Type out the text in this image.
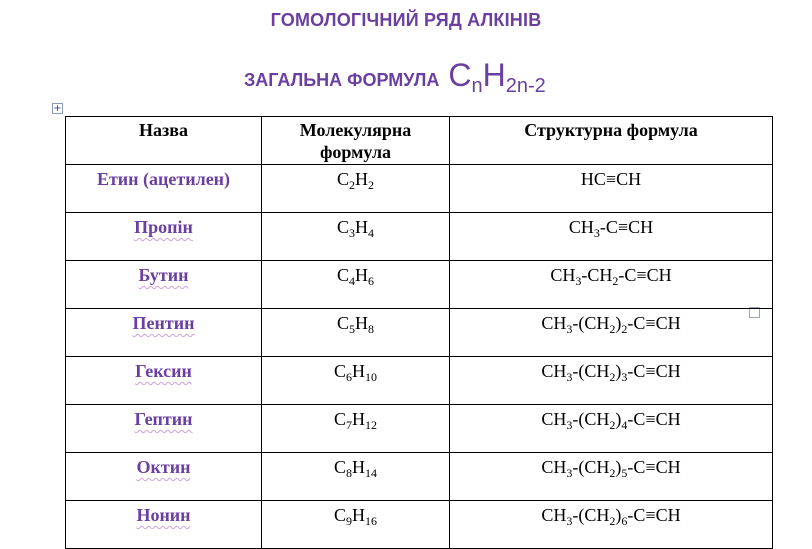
ГОМОЛОГІЧНИЙ РЯД АЛКІНІВ
ЗАГАЛЬНА ФОРМУЛА $C_nH_{2n-2}$
+
Назва	Молекулярна формула	Структурна формула

Етин (ацетилен)	$C_2H_2$	HC≡CH

Пропін	$C_3H_4$	$CH_3-C\equiv CH$

Бутин	$C_4H_6$	$CH_3-CH_2-C\equiv CH$

Пентин	$C_5H_8$	$CH_3-(CH_2)_2-C\equiv CH$

Гексин	$C_6H_{10}$	$CH_3-(CH_2)_3-C\equiv CH$

Гептин	$C_7H_{12}$	$CH_3-(CH_2)_4-C\equiv CH$

Октин	$C_8H_{14}$	$CH_3-(CH_2)_5-C\equiv CH$

Нонин	$C_9H_{16}$	$CH_3-(CH_2)_6-C\equiv CH$
